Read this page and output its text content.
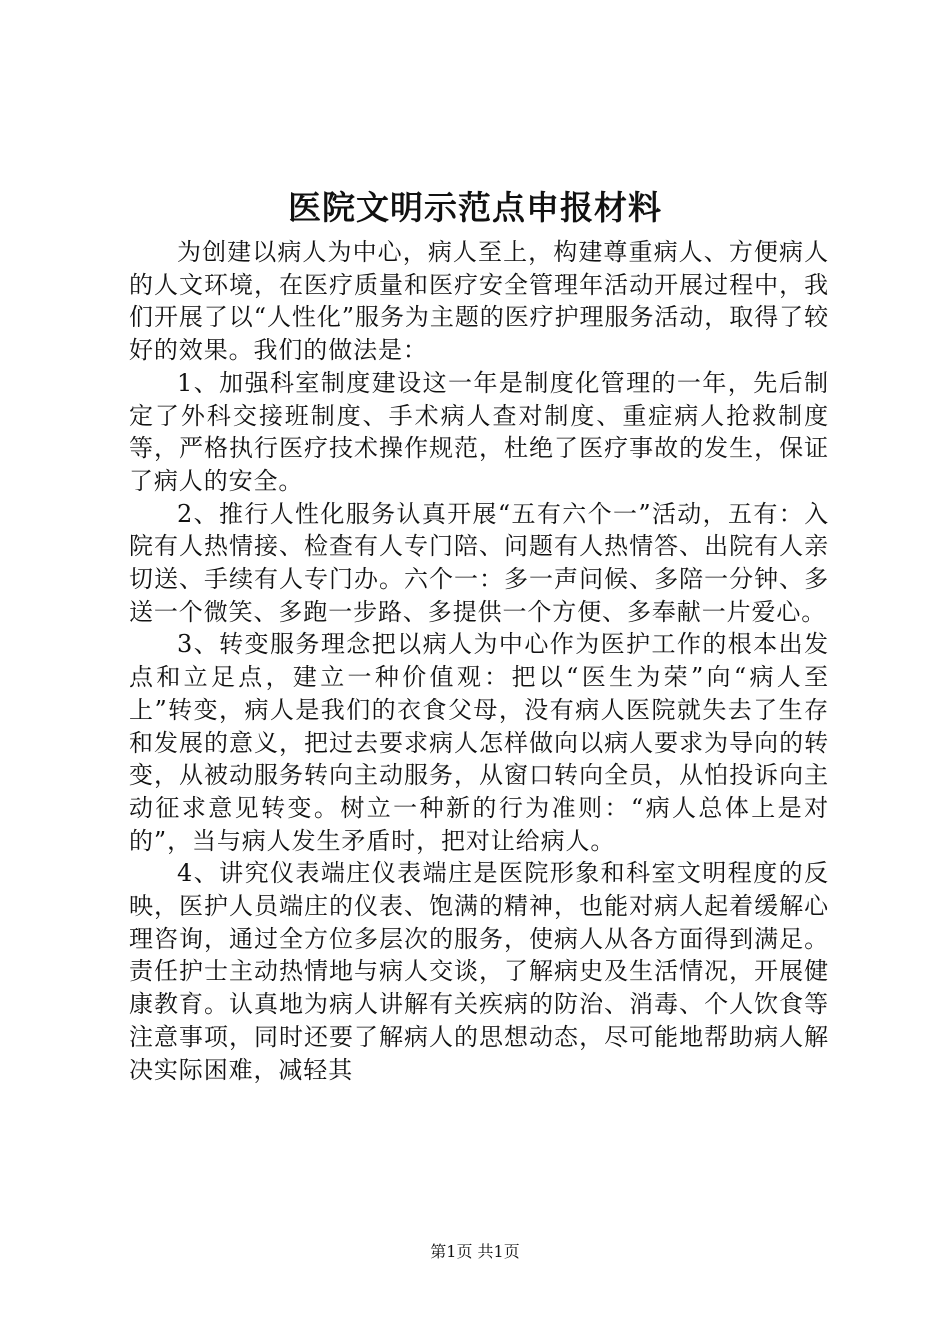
医院文明示范点申报材料

为创建以病人为中心，病人至上，构建尊重病人、方便病人的人文环境，在医疗质量和医疗安全管理年活动开展过程中，我们开展了以“人性化”服务为主题的医疗护理服务活动，取得了较好的效果。我们的做法是：

1、加强科室制度建设这一年是制度化管理的一年，先后制定了外科交接班制度、手术病人查对制度、重症病人抢救制度等，严格执行医疗技术操作规范，杜绝了医疗事故的发生，保证了病人的安全。

2、推行人性化服务认真开展“五有六个一”活动，五有：入院有人热情接、检查有人专门陪、问题有人热情答、出院有人亲切送、手续有人专门办。六个一：多一声问候、多陪一分钟、多送一个微笑、多跑一步路、多提供一个方便、多奉献一片爱心。

3、转变服务理念把以病人为中心作为医护工作的根本出发点和立足点，建立一种价值观：把以“医生为荣”向“病人至上”转变，病人是我们的衣食父母，没有病人医院就失去了生存和发展的意义，把过去要求病人怎样做向以病人要求为导向的转变，从被动服务转向主动服务，从窗口转向全员，从怕投诉向主动征求意见转变。树立一种新的行为准则：“病人总体上是对的”，当与病人发生矛盾时，把对让给病人。

4、讲究仪表端庄仪表端庄是医院形象和科室文明程度的反映，医护人员端庄的仪表、饱满的精神，也能对病人起着缓解心理咨询，通过全方位多层次的服务，使病人从各方面得到满足。责任护士主动热情地与病人交谈，了解病史及生活情况，开展健康教育。认真地为病人讲解有关疾病的防治、消毒、个人饮食等注意事项，同时还要了解病人的思想动态，尽可能地帮助病人解决实际困难，减轻其

第1页 共1页
